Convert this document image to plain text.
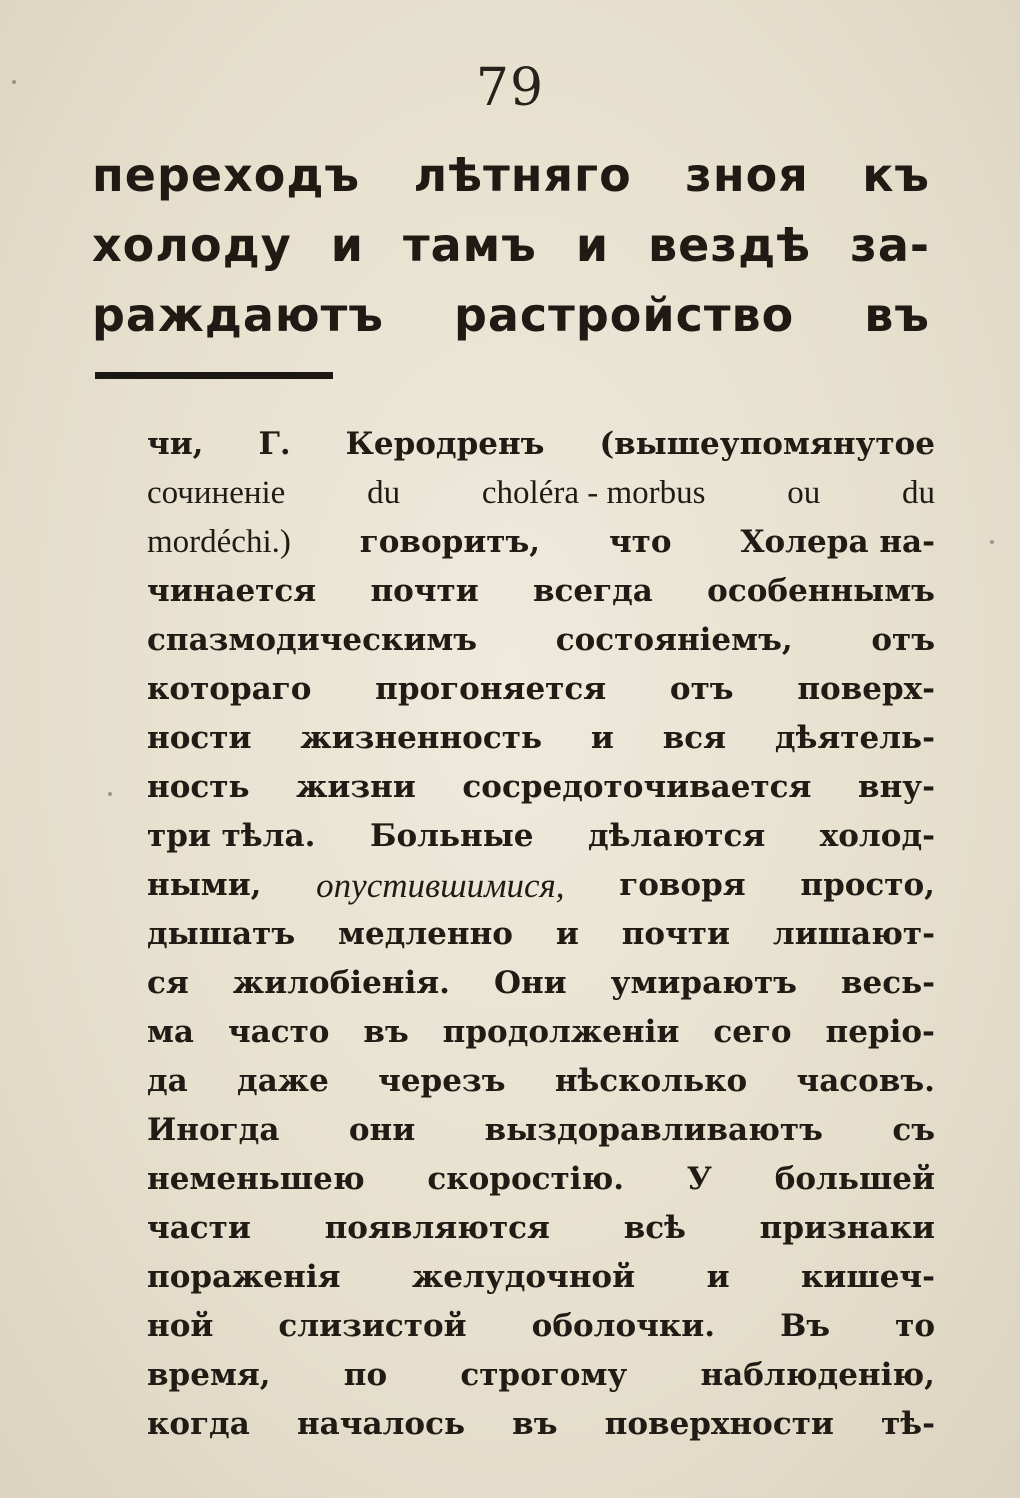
79
переходъ лѣтняго зноя къ
холоду и тамъ и вездѣ за-
раждаютъ растройство въ
чи, Г. Керодренъ (вышеупомянутое
сочиненіе du choléra - morbus ou du
mordéchi.) говоритъ, что Холера на-
чинается почти всегда особеннымъ
спазмодическимъ	состояніемъ,	отъ
котораго прогоняется отъ поверх-
ности жизненность и вся дѣятель-
ность жизни сосредоточивается вну-
три тѣла. Больные дѣлаются холод-
ными, опустившимися, говоря просто,
дышатъ медленно и почти лишают-
ся жилобіенія. Они умираютъ весь-
ма часто въ продолженіи сего періо-
да даже черезъ нѣсколько часовъ.
Иногда они выздоравливаютъ съ
неменьшею скоростію. У большей
части появляются всѣ признаки
пораженія желудочной и кишеч-
ной слизистой оболочки. Въ то
время, по строгому наблюденію,
когда началось въ поверхности тѣ-
